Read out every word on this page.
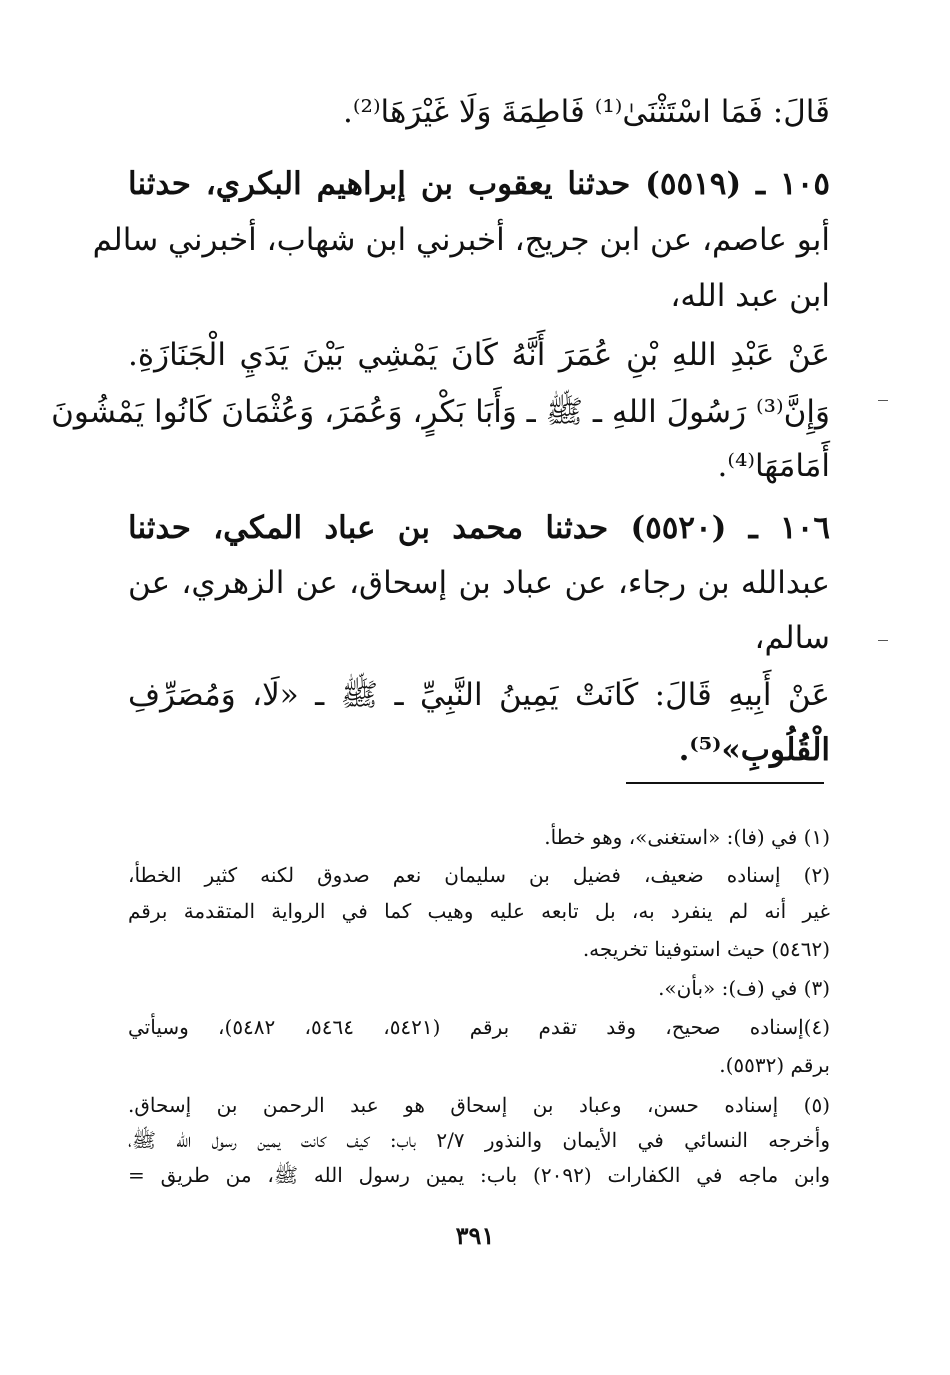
قَالَ: فَمَا اسْتَثْنَىٰ⁽¹⁾ فَاطِمَةَ وَلَا غَيْرَهَا⁽²⁾.
١٠٥ ـ (٥٥١٩) حدثنا يعقوب بن إبراهيم البكري، حدثنا
أبو عاصم، عن ابن جريج، أخبرني ابن شهاب، أخبرني سالم
ابن عبد الله،
عَنْ عَبْدِ اللهِ بْنِ عُمَرَ أَنَّهُ كَانَ يَمْشِي بَيْنَ يَدَيِ الْجَنَازَةِ.
وَإِنَّ⁽³⁾ رَسُولَ اللهِ ـ ﷺ ـ وَأَبَا بَكْرٍ، وَعُمَرَ، وَعُثْمَانَ كَانُوا يَمْشُونَ
أَمَامَهَا⁽⁴⁾.
١٠٦ ـ (٥٥٢٠) حدثنا محمد بن عباد المكي، حدثنا
عبدالله بن رجاء، عن عباد بن إسحاق، عن الزهري، عن
سالم،
عَنْ أَبِيهِ قَالَ: كَانَتْ يَمِينُ النَّبِيِّ ـ ﷺ ـ «لَا، وَمُصَرِّفِ
الْقُلُوبِ»⁽⁵⁾.
(١) في (فا): «استغنى»، وهو خطأ.
(٢) إسناده ضعيف، فضيل بن سليمان نعم صدوق لكنه كثير الخطأ،
غير أنه لم ينفرد به، بل تابعه عليه وهيب كما في الرواية المتقدمة برقم
(٥٤٦٢) حيث استوفينا تخريجه.
(٣) في (ف): «بأن».
(٤)إسناده صحيح، وقد تقدم برقم (٥٤٢١، ٥٤٦٤، ٥٤٨٢)، وسيأتي
برقم (٥٥٣٢).
(٥) إسناده حسن، وعباد بن إسحاق هو عبد الرحمن بن إسحاق.
وأخرجه النسائي في الأيمان والنذور ٢/٧ باب: كيف كانت يمين رسول الله ﷺ،
وابن ماجه في الكفارات (٢٠٩٢) باب: يمين رسول الله ﷺ، من طريق =
٣٩١
